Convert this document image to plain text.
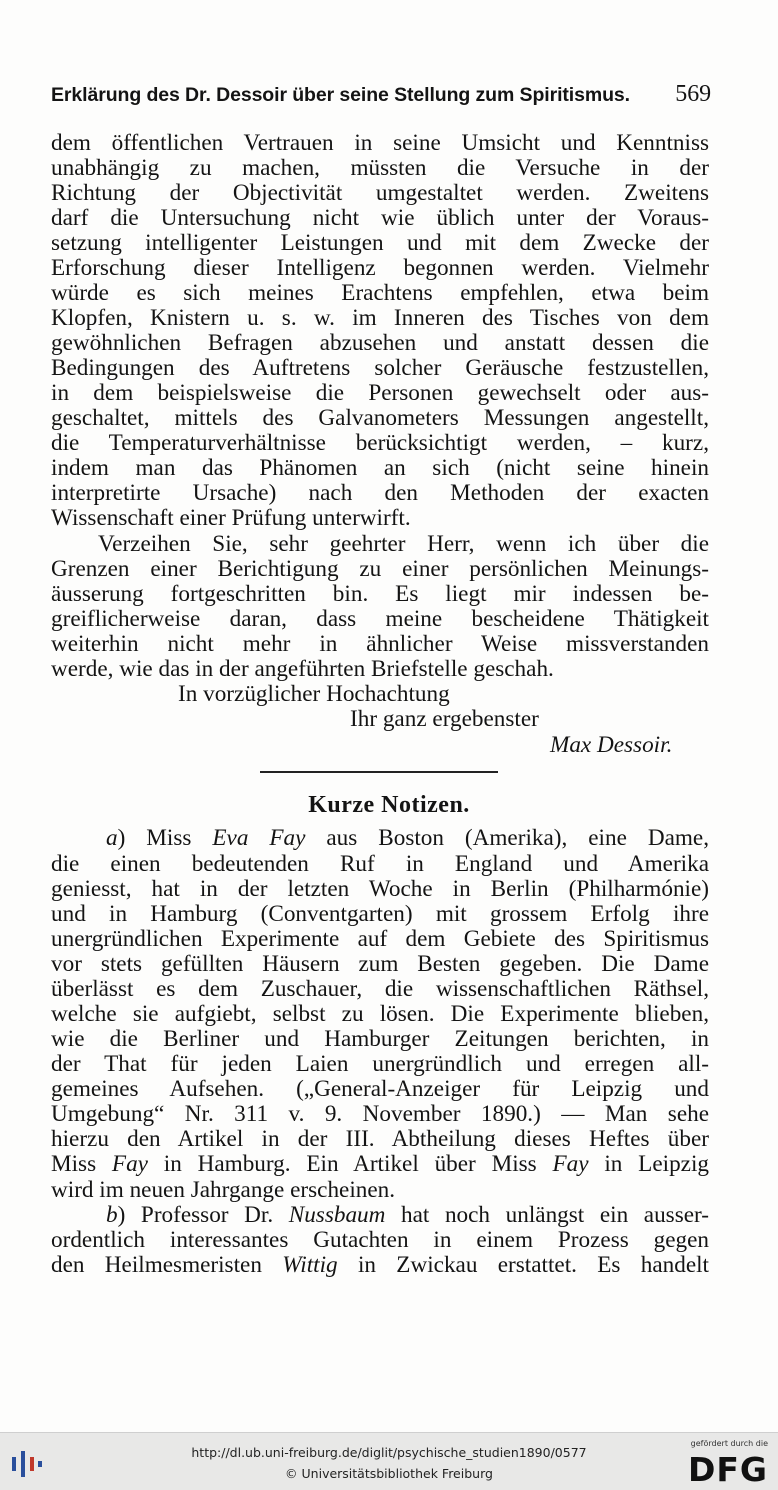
Erklärung des Dr. Dessoir über seine Stellung zum Spiritismus. 569
dem öffentlichen Vertrauen in seine Umsicht und Kenntniss
unabhängig zu machen, müssten die Versuche in der
Richtung der Objectivität umgestaltet werden. Zweitens
darf die Untersuchung nicht wie üblich unter der Voraus-
setzung intelligenter Leistungen und mit dem Zwecke der
Erforschung dieser Intelligenz begonnen werden. Vielmehr
würde es sich meines Erachtens empfehlen, etwa beim
Klopfen, Knistern u. s. w. im Inneren des Tisches von dem
gewöhnlichen Befragen abzusehen und anstatt dessen die
Bedingungen des Auftretens solcher Geräusche festzustellen,
in dem beispielsweise die Personen gewechselt oder aus-
geschaltet, mittels des Galvanometers Messungen angestellt,
die Temperaturverhältnisse berücksichtigt werden, – kurz,
indem man das Phänomen an sich (nicht seine hinein
interpretirte Ursache) nach den Methoden der exacten
Wissenschaft einer Prüfung unterwirft.
Verzeihen Sie, sehr geehrter Herr, wenn ich über die
Grenzen einer Berichtigung zu einer persönlichen Meinungs-
äusserung fortgeschritten bin. Es liegt mir indessen be-
greiflicherweise daran, dass meine bescheidene Thätigkeit
weiterhin nicht mehr in ähnlicher Weise missverstanden
werde, wie das in der angeführten Briefstelle geschah.
In vorzüglicher Hochachtung
Ihr ganz ergebenster
Max Dessoir.
Kurze Notizen.
a) Miss Eva Fay aus Boston (Amerika), eine Dame,
die einen bedeutenden Ruf in England und Amerika
geniesst, hat in der letzten Woche in Berlin (Philharmónie)
und in Hamburg (Conventgarten) mit grossem Erfolg ihre
unergründlichen Experimente auf dem Gebiete des Spiritismus
vor stets gefüllten Häusern zum Besten gegeben. Die Dame
überlässt es dem Zuschauer, die wissenschaftlichen Räthsel,
welche sie aufgiebt, selbst zu lösen. Die Experimente blieben,
wie die Berliner und Hamburger Zeitungen berichten, in
der That für jeden Laien unergründlich und erregen all-
gemeines Aufsehen. („General-Anzeiger für Leipzig und
Umgebung“ Nr. 311 v. 9. November 1890.) — Man sehe
hierzu den Artikel in der III. Abtheilung dieses Heftes über
Miss Fay in Hamburg. Ein Artikel über Miss Fay in Leipzig
wird im neuen Jahrgange erscheinen.
b) Professor Dr. Nussbaum hat noch unlängst ein ausser-
ordentlich interessantes Gutachten in einem Prozess gegen
den Heilmesmeristen Wittig in Zwickau erstattet. Es handelt
http://dl.ub.uni-freiburg.de/diglit/psychische_studien1890/0577
© Universitätsbibliothek Freiburg
gefördert durch die
DFG
